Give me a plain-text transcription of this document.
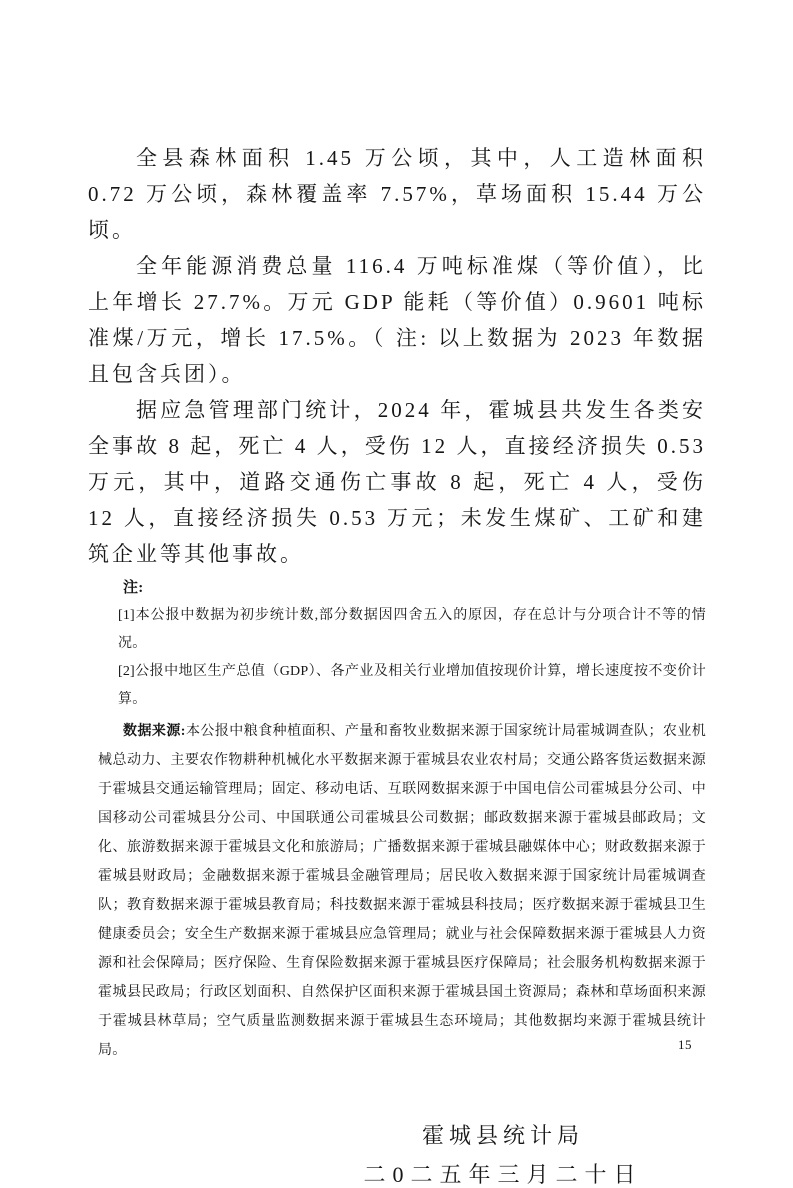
全县森林面积 1.45 万公顷，其中，人工造林面积 0.72 万公顷，森林覆盖率 7.57%，草场面积 15.44 万公顷。

全年能源消费总量 116.4 万吨标准煤（等价值），比上年增长 27.7%。万元 GDP 能耗（等价值）0.9601 吨标准煤/万元，增长 17.5%。（ 注: 以上数据为 2023 年数据且包含兵团）。

据应急管理部门统计，2024 年，霍城县共发生各类安全事故 8 起，死亡 4 人，受伤 12 人，直接经济损失 0.53 万元，其中，道路交通伤亡事故 8 起，死亡 4 人，受伤 12 人，直接经济损失 0.53 万元；未发生煤矿、工矿和建筑企业等其他事故。

注:

[1]本公报中数据为初步统计数,部分数据因四舍五入的原因，存在总计与分项合计不等的情况。

[2]公报中地区生产总值（GDP）、各产业及相关行业增加值按现价计算，增长速度按不变价计算。

数据来源:本公报中粮食种植面积、产量和畜牧业数据来源于国家统计局霍城调查队；农业机械总动力、主要农作物耕种机械化水平数据来源于霍城县农业农村局；交通公路客货运数据来源于霍城县交通运输管理局；固定、移动电话、互联网数据来源于中国电信公司霍城县分公司、中国移动公司霍城县分公司、中国联通公司霍城县公司数据；邮政数据来源于霍城县邮政局；文化、旅游数据来源于霍城县文化和旅游局；广播数据来源于霍城县融媒体中心；财政数据来源于霍城县财政局；金融数据来源于霍城县金融管理局；居民收入数据来源于国家统计局霍城调查队；教育数据来源于霍城县教育局；科技数据来源于霍城县科技局；医疗数据来源于霍城县卫生健康委员会；安全生产数据来源于霍城县应急管理局；就业与社会保障数据来源于霍城县人力资源和社会保障局；医疗保险、生育保险数据来源于霍城县医疗保障局；社会服务机构数据来源于霍城县民政局；行政区划面积、自然保护区面积来源于霍城县国土资源局；森林和草场面积来源于霍城县林草局；空气质量监测数据来源于霍城县生态环境局；其他数据均来源于霍城县统计局。

霍城县统计局
二0二五年三月二十日
15
